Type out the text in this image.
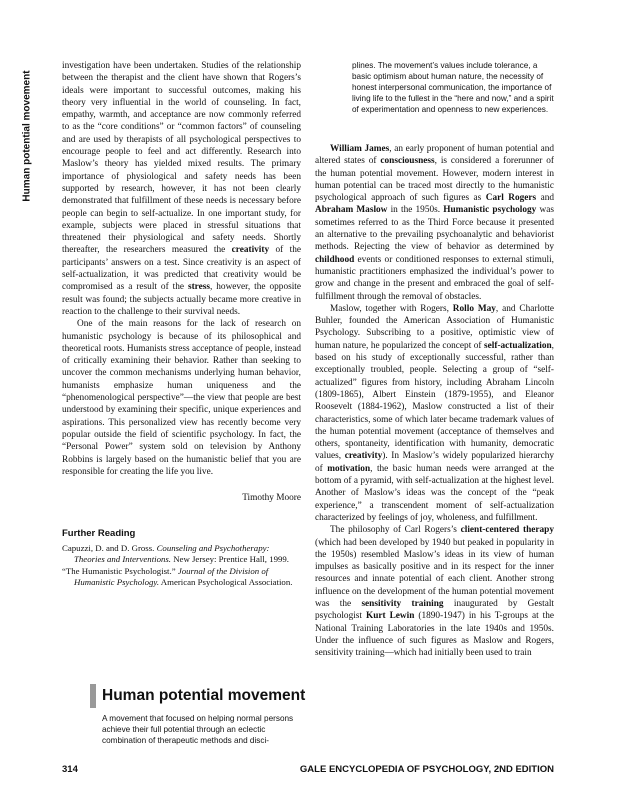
Human potential movement

investigation have been undertaken. Studies of the relationship between the therapist and the client have shown that Rogers’s ideals were important to successful outcomes, making his theory very influential in the world of counseling. In fact, empathy, warmth, and acceptance are now commonly referred to as the “core conditions” or “common factors” of counseling and are used by therapists of all psychological perspectives to encourage people to feel and act differently. Research into Maslow’s theory has yielded mixed results. The primary importance of physiological and safety needs has been supported by research, however, it has not been clearly demonstrated that fulfillment of these needs is necessary before people can begin to self-actualize. In one important study, for example, subjects were placed in stressful situations that threatened their physiological and safety needs. Shortly thereafter, the researchers measured the creativity of the participants’ answers on a test. Since creativity is an aspect of self-actualization, it was predicted that creativity would be compromised as a result of the stress, however, the opposite result was found; the subjects actually became more creative in reaction to the challenge to their survival needs.

One of the main reasons for the lack of research on humanistic psychology is because of its philosophical and theoretical roots. Humanists stress acceptance of people, instead of critically examining their behavior. Rather than seeking to uncover the common mechanisms underlying human behavior, humanists emphasize human uniqueness and the “phenomenological perspective”—the view that people are best understood by examining their specific, unique experiences and aspirations. This personalized view has recently become very popular outside the field of scientific psychology. In fact, the “Personal Power” system sold on television by Anthony Robbins is largely based on the humanistic belief that you are responsible for creating the life you live.

Timothy Moore

Further Reading

Capuzzi, D. and D. Gross. Counseling and Psychotherapy: Theories and Interventions. New Jersey: Prentice Hall, 1999.

“The Humanistic Psychologist.” Journal of the Division of Humanistic Psychology. American Psychological Association.

Human potential movement
A movement that focused on helping normal persons achieve their full potential through an eclectic combination of therapeutic methods and disci-
plines. The movement’s values include tolerance, a basic optimism about human nature, the necessity of honest interpersonal communication, the importance of living life to the fullest in the “here and now,” and a spirit of experimentation and openness to new experiences.

William James, an early proponent of human potential and altered states of consciousness, is considered a forerunner of the human potential movement. However, modern interest in human potential can be traced most directly to the humanistic psychological approach of such figures as Carl Rogers and Abraham Maslow in the 1950s. Humanistic psychology was sometimes referred to as the Third Force because it presented an alternative to the prevailing psychoanalytic and behaviorist methods. Rejecting the view of behavior as determined by childhood events or conditioned responses to external stimuli, humanistic practitioners emphasized the individual’s power to grow and change in the present and embraced the goal of self-fulfillment through the removal of obstacles.

Maslow, together with Rogers, Rollo May, and Charlotte Buhler, founded the American Association of Humanistic Psychology. Subscribing to a positive, optimistic view of human nature, he popularized the concept of self-actualization, based on his study of exceptionally successful, rather than exceptionally troubled, people. Selecting a group of “self-actualized” figures from history, including Abraham Lincoln (1809-1865), Albert Einstein (1879-1955), and Eleanor Roosevelt (1884-1962), Maslow constructed a list of their characteristics, some of which later became trademark values of the human potential movement (acceptance of themselves and others, spontaneity, identification with humanity, democratic values, creativity). In Maslow’s widely popularized hierarchy of motivation, the basic human needs were arranged at the bottom of a pyramid, with self-actualization at the highest level. Another of Maslow’s ideas was the concept of the “peak experience,” a transcendent moment of self-actualization characterized by feelings of joy, wholeness, and fulfillment.

The philosophy of Carl Rogers’s client-centered therapy (which had been developed by 1940 but peaked in popularity in the 1950s) resembled Maslow’s ideas in its view of human impulses as basically positive and in its respect for the inner resources and innate potential of each client. Another strong influence on the development of the human potential movement was the sensitivity training inaugurated by Gestalt psychologist Kurt Lewin (1890-1947) in his T-groups at the National Training Laboratories in the late 1940s and 1950s. Under the influence of such figures as Maslow and Rogers, sensitivity training—which had initially been used to train

314	GALE ENCYCLOPEDIA OF PSYCHOLOGY, 2ND EDITION
